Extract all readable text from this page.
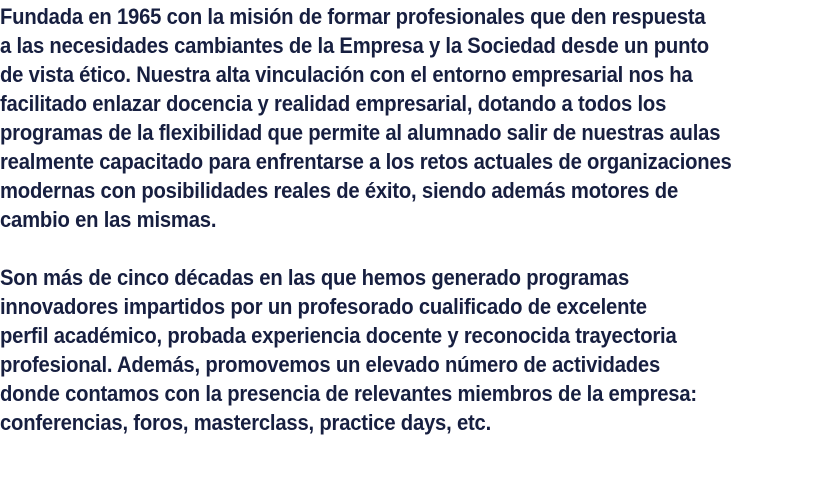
Fundada en 1965 con la misión de formar profesionales que den respuesta
a las necesidades cambiantes de la Empresa y la Sociedad desde un punto
de vista ético. Nuestra alta vinculación con el entorno empresarial nos ha
facilitado enlazar docencia y realidad empresarial, dotando a todos los
programas de la flexibilidad que permite al alumnado salir de nuestras aulas
realmente capacitado para enfrentarse a los retos actuales de organizaciones
modernas con posibilidades reales de éxito, siendo además motores de
cambio en las mismas.
Son más de cinco décadas en las que hemos generado programas
innovadores impartidos por un profesorado cualificado de excelente
perfil académico, probada experiencia docente y reconocida trayectoria
profesional. Además, promovemos un elevado número de actividades
donde contamos con la presencia de relevantes miembros de la empresa:
conferencias, foros, masterclass, practice days, etc.
